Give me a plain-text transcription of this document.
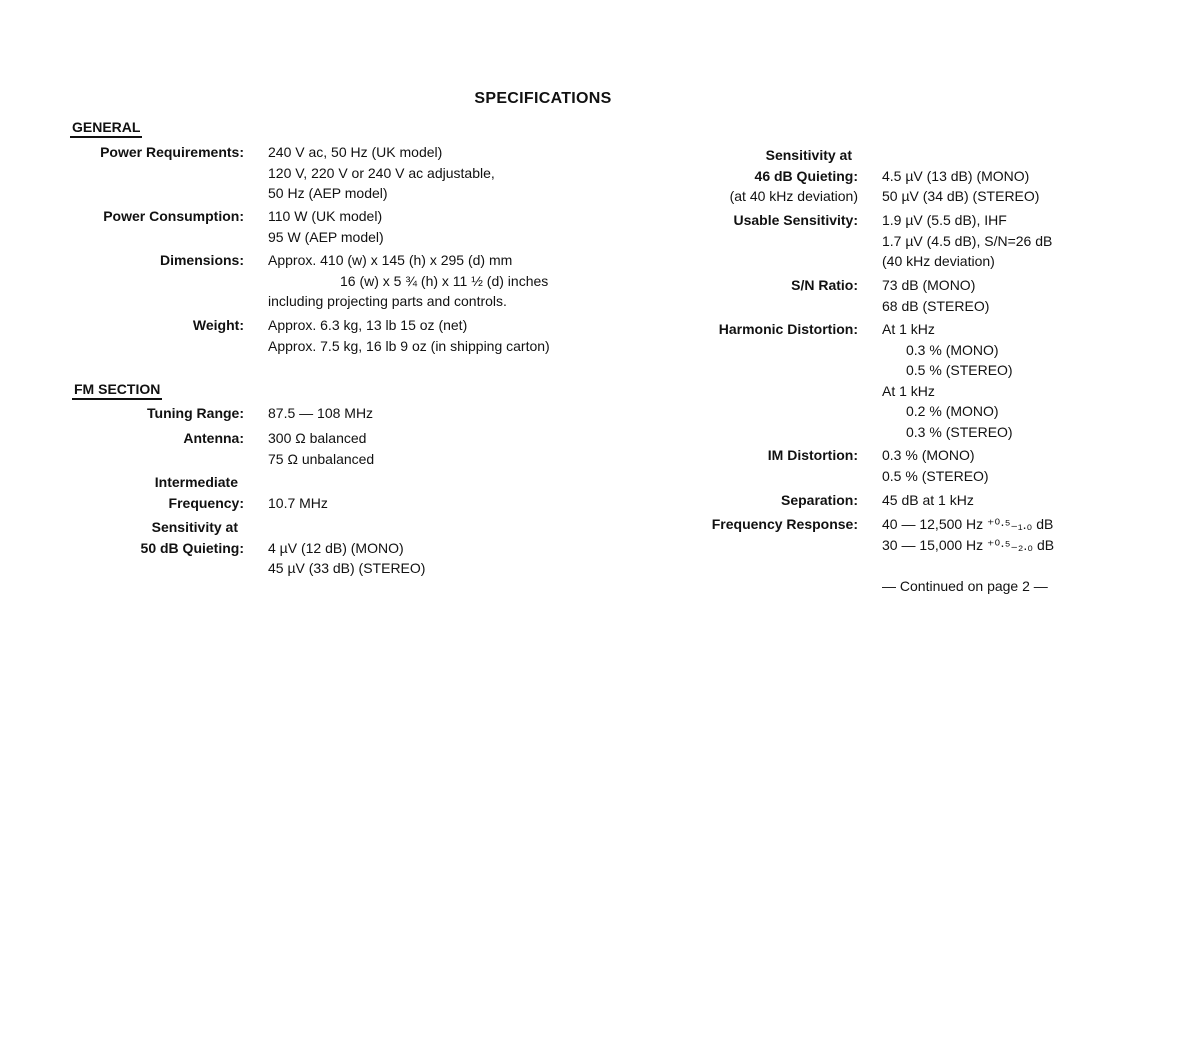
SPECIFICATIONS
GENERAL
Power Requirements: 240 V ac, 50 Hz (UK model)
120 V, 220 V or 240 V ac adjustable,
50 Hz (AEP model)
Power Consumption: 110 W (UK model)
95 W (AEP model)
Dimensions: Approx. 410 (w) x 145 (h) x 295 (d) mm
16 (w) x 5 ¾ (h) x 11 ½ (d) inches
including projecting parts and controls.
Weight: Approx. 6.3 kg, 13 lb 15 oz (net)
Approx. 7.5 kg, 16 lb 9 oz (in shipping carton)
FM SECTION
Tuning Range: 87.5 — 108 MHz
Antenna: 300 Ω balanced
75 Ω unbalanced
Intermediate
Frequency:
10.7 MHz
Sensitivity at
50 dB Quieting:
4 µV (12 dB) (MONO)
45 µV (33 dB) (STEREO)
Sensitivity at
46 dB Quieting:
(at 40 kHz deviation)

4.5 µV (13 dB) (MONO)
50 µV (34 dB) (STEREO)
Usable Sensitivity: 1.9 µV (5.5 dB), IHF
1.7 µV (4.5 dB), S/N=26 dB
(40 kHz deviation)
S/N Ratio: 73 dB (MONO)
68 dB (STEREO)
Harmonic Distortion: At 1 kHz
0.3 % (MONO)
0.5 % (STEREO)
At 1 kHz
0.2 % (MONO)
0.3 % (STEREO)
IM Distortion: 0.3 % (MONO)
0.5 % (STEREO)
Separation: 45 dB at 1 kHz
Frequency Response: 40 — 12,500 Hz ⁺⁰·⁵₋₁.₀ dB
30 — 15,000 Hz ⁺⁰·⁵₋₂.₀ dB
— Continued on page 2 —
